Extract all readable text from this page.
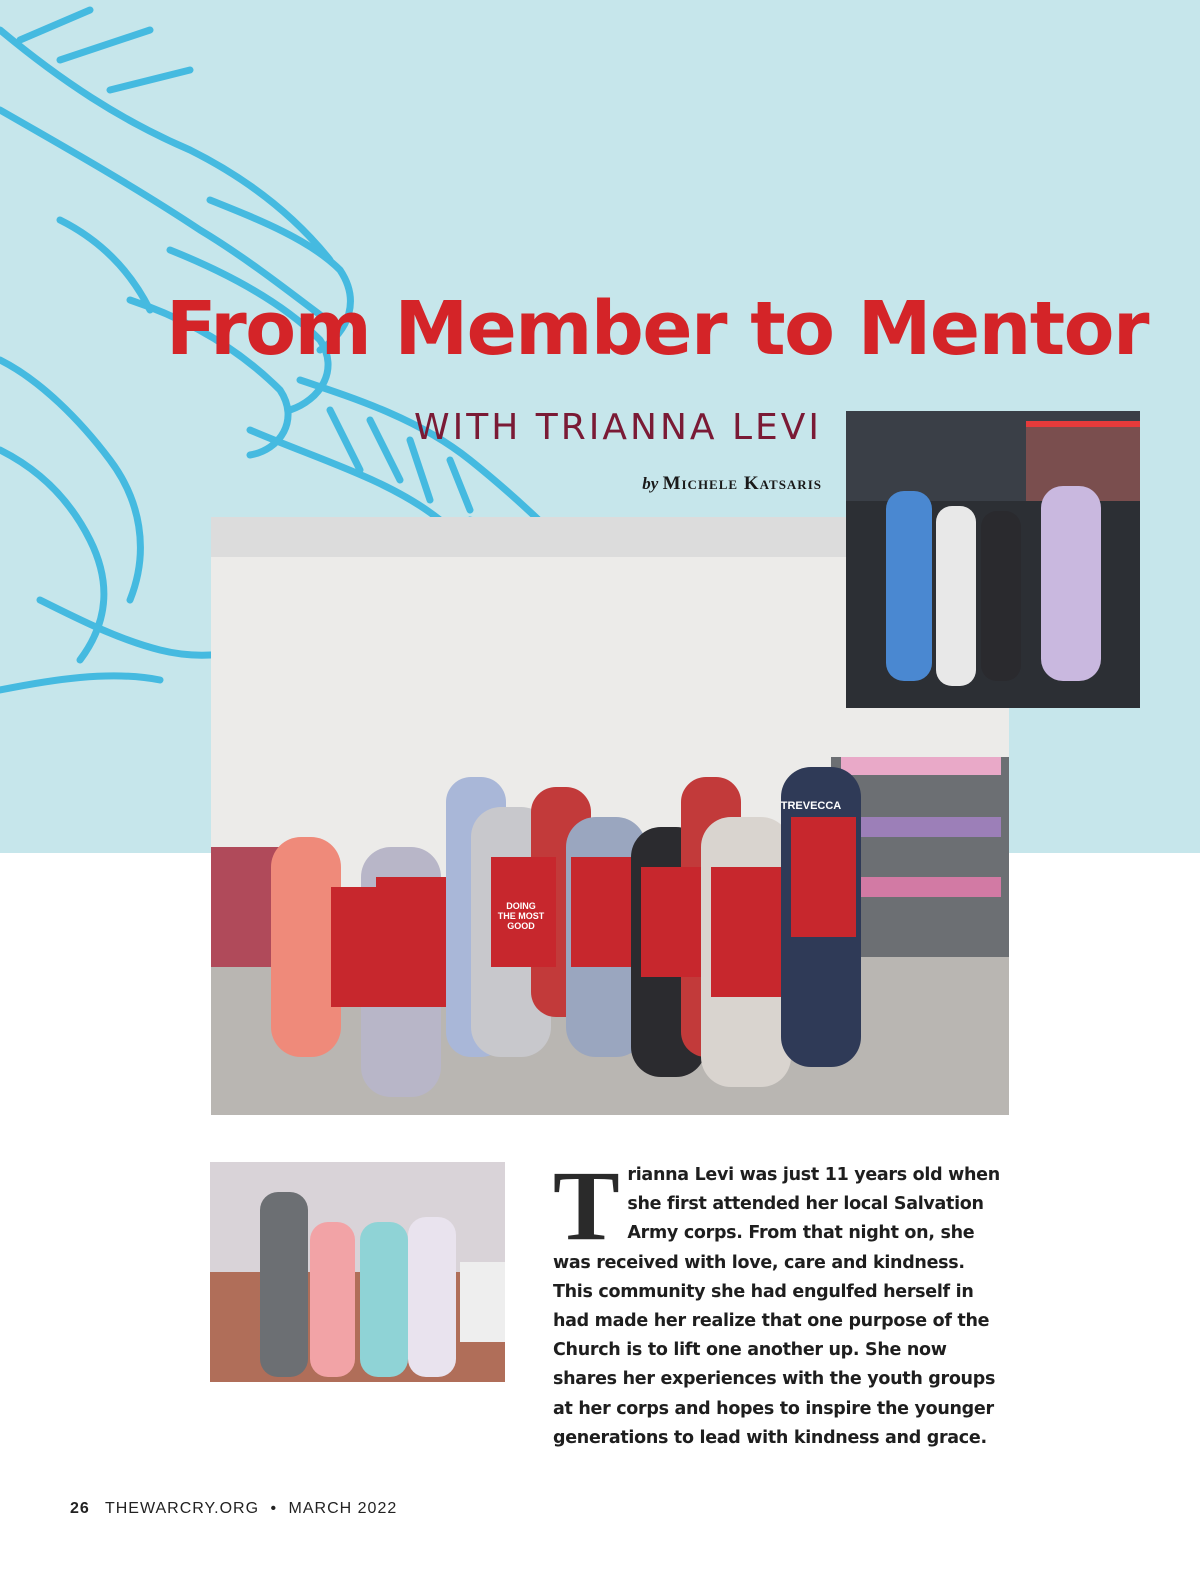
From Member to Mentor
WITH TRIANNA LEVI
by Michele Katsaris
DOING
THE MOST
GOOD
TREVECCA

Trianna Levi was just 11 years old when she first attended her local Salvation Army corps. From that night on, she was received with love, care and kindness. This community she had engulfed herself in had made her realize that one purpose of the Church is to lift one another up. She now shares her experiences with the youth groups at her corps and hopes to inspire the younger generations to lead with kindness and grace.

26 THEWARCRY.ORG • MARCH 2022
